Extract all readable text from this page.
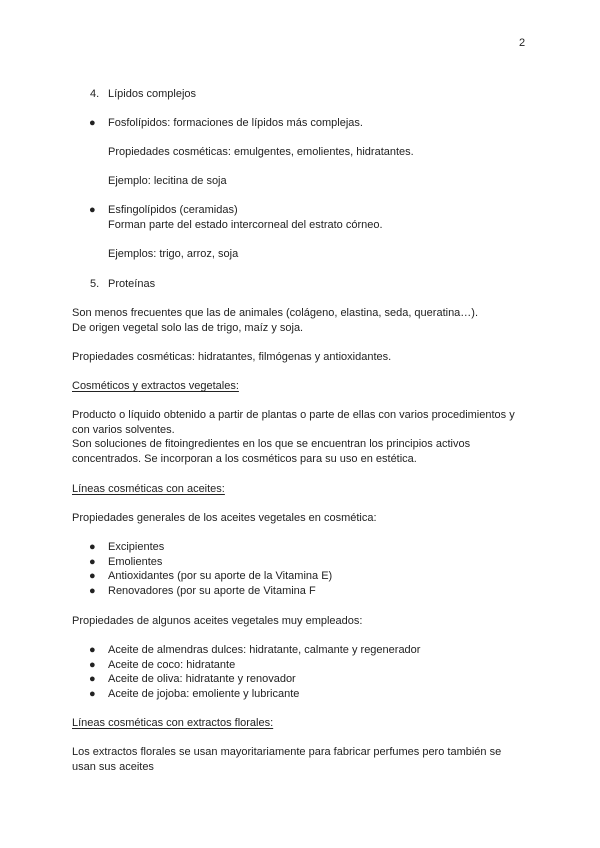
2

4. Lípidos complejos

● Fosfolípidos: formaciones de lípidos más complejas.

Propiedades cosméticas: emulgentes, emolientes, hidratantes.

Ejemplo: lecitina de soja

● Esfingolípidos (ceramidas)

Forman parte del estado intercorneal del estrato córneo.

Ejemplos: trigo, arroz, soja

5. Proteínas

Son menos frecuentes que las de animales (colágeno, elastina, seda, queratina…).

De origen vegetal solo las de trigo, maíz y soja.

Propiedades cosméticas: hidratantes, filmógenas y antioxidantes.

Cosméticos y extractos vegetales:

Producto o líquido obtenido a partir de plantas o parte de ellas con varios procedimientos y

con varios solventes.

Son soluciones de fitoingredientes en los que se encuentran los principios activos

concentrados. Se incorporan a los cosméticos para su uso en estética.

Líneas cosméticas con aceites:

Propiedades generales de los aceites vegetales en cosmética:

● Excipientes

● Emolientes

● Antioxidantes (por su aporte de la Vitamina E)

● Renovadores (por su aporte de Vitamina F

Propiedades de algunos aceites vegetales muy empleados:

● Aceite de almendras dulces: hidratante, calmante y regenerador

● Aceite de coco: hidratante

● Aceite de oliva: hidratante y renovador

● Aceite de jojoba: emoliente y lubricante

Líneas cosméticas con extractos florales:

Los extractos florales se usan mayoritariamente para fabricar perfumes pero también se

usan sus aceites
